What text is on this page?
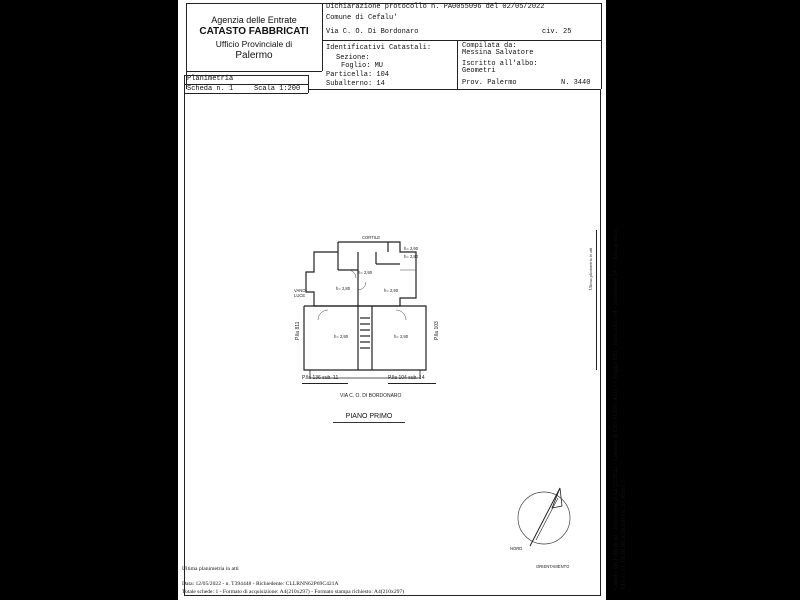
Agenzia delle Entrate
CATASTO FABBRICATI
Ufficio Provinciale di
Palermo
Dichiarazione protocollo n. PA0055096 del 02/05/2022
Comune di Cefalu'
Via C. O. Di Bordonaro	civ. 25
Identificativi Catastali:
Sezione:
Foglio: MU
Particella: 104
Subalterno: 14
Compilata da:
Messina Salvatore
Iscritto all'albo:
Geometri
Prov. Palermo	N. 3440
Planimetria
Scheda n. 1	Scala 1:200
CORTILE
VANO LUCE
h= 2,90
h= 2,80
h= 2,80	h= 2,90
h= 2,90
h= 2,90	h= 2,90
P.lla 811	P.lla 103
P.lla 136 sub. 11	P.lla 104 sub. 14
VIA C. O. DI BORDONARO
PIANO PRIMO
NORD
ORIENTAMENTO
Ultima planimetria in atti
Data: 12/05/2022 - n. T394448 - Richiedente: CLLRNN62P69C421A
Totale schede: 1 - Formato di acquisizione: A4(210x297) - Formato stampa richiesto: A4(210x297)
Catasto dei Fabbricati - Situazione al 12/05/2022 - Comune di CEFALU'(C421) - < Foglio MU - Particella 104 - Subalterno 14 > - Una grafica VIA C. O. DI BORDONARO n. 25 Piano 1
Ultima planimetria in atti
